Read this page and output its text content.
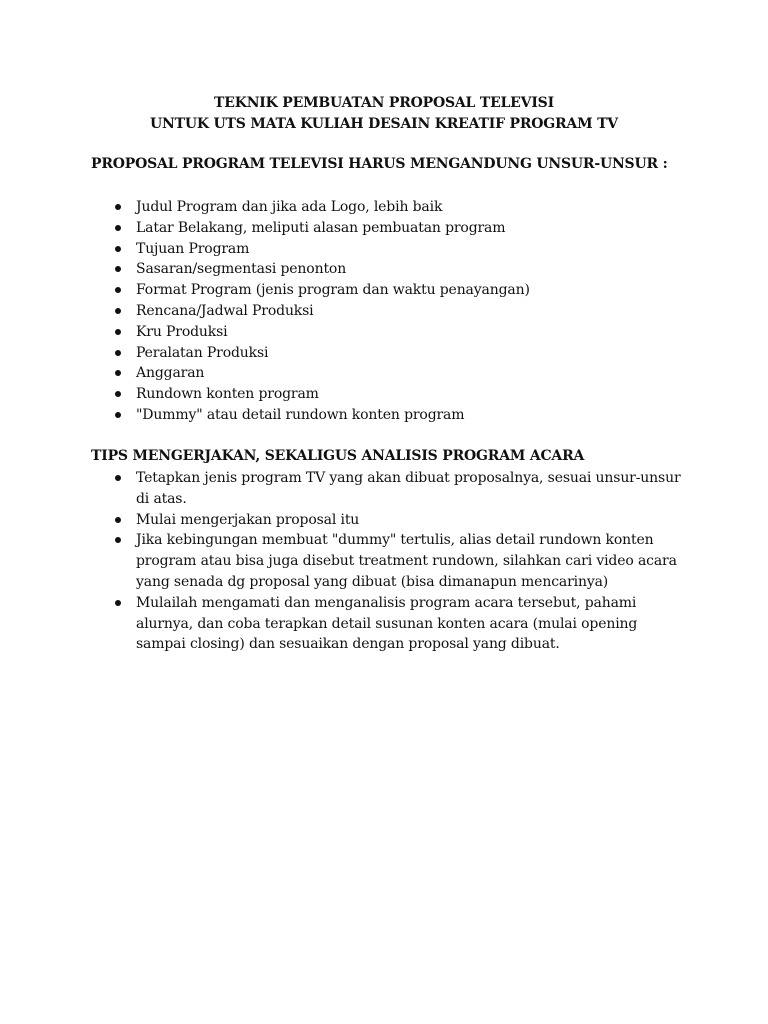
TEKNIK PEMBUATAN PROPOSAL TELEVISI
UNTUK UTS MATA KULIAH DESAIN KREATIF PROGRAM TV
PROPOSAL PROGRAM TELEVISI HARUS MENGANDUNG UNSUR-UNSUR :
Judul Program dan jika ada Logo, lebih baik
Latar Belakang, meliputi alasan pembuatan program
Tujuan Program
Sasaran/segmentasi penonton
Format Program (jenis program dan waktu penayangan)
Rencana/Jadwal Produksi
Kru Produksi
Peralatan Produksi
Anggaran
Rundown konten program
"Dummy" atau detail rundown konten program
TIPS MENGERJAKAN, SEKALIGUS ANALISIS PROGRAM ACARA
Tetapkan jenis program TV yang akan dibuat proposalnya, sesuai unsur-unsur di atas.
Mulai mengerjakan proposal itu
Jika kebingungan membuat "dummy" tertulis, alias detail rundown konten program atau bisa juga disebut treatment rundown, silahkan cari video acara yang senada dg proposal yang dibuat (bisa dimanapun mencarinya)
Mulailah mengamati dan menganalisis program acara tersebut, pahami alurnya, dan coba terapkan detail susunan konten acara (mulai opening sampai closing) dan sesuaikan dengan proposal yang dibuat.
